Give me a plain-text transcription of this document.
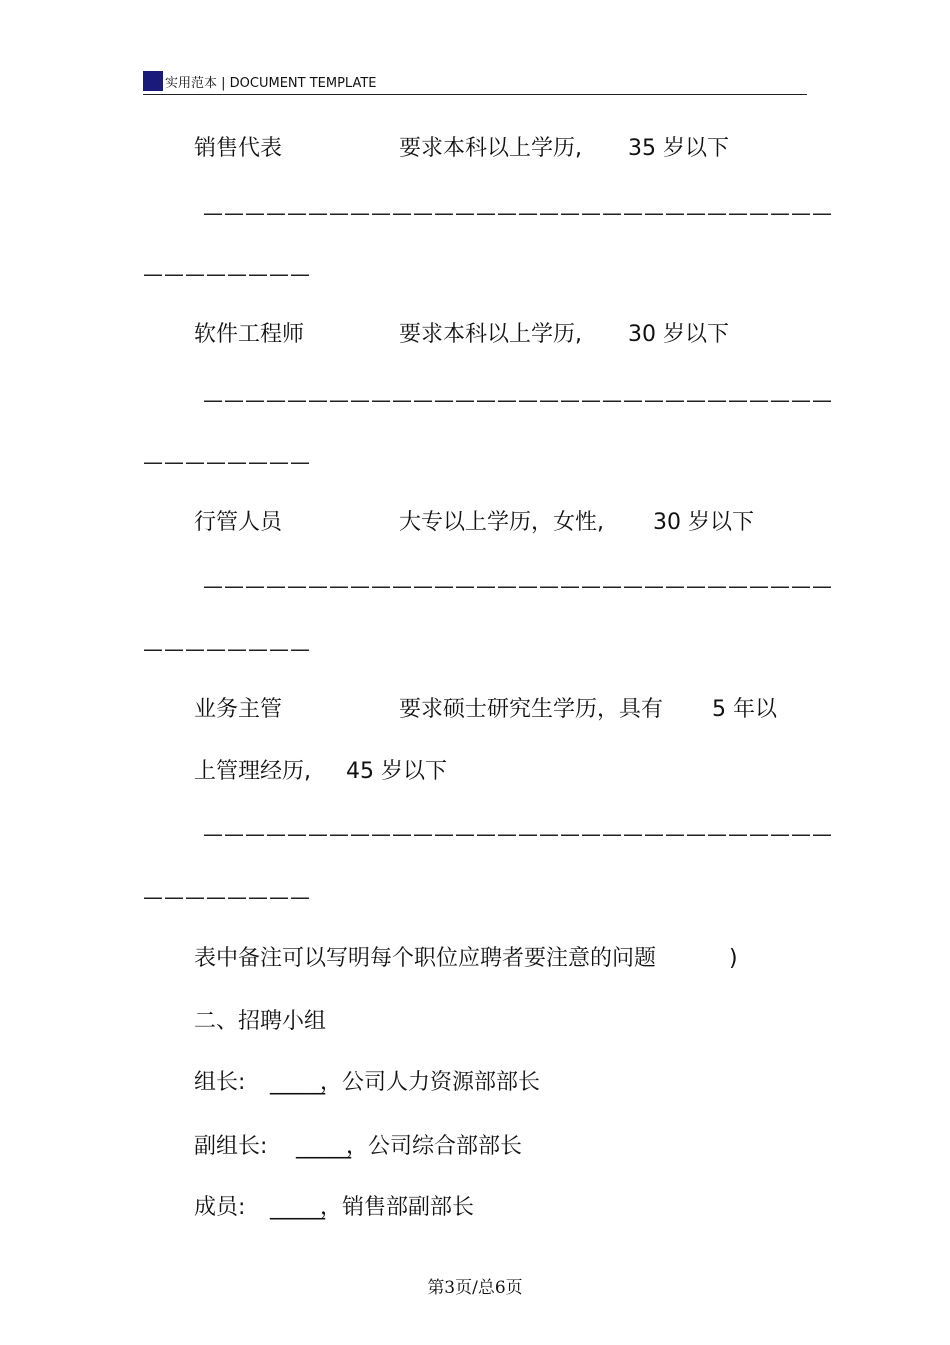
实用范本 | DOCUMENT TEMPLATE
销售代表	要求本科以上学历, 35 岁以下
——————————————————————————————
————————
软件工程师	要求本科以上学历, 30 岁以下
——————————————————————————————
————————
行管人员	大专以上学历，女性, 30 岁以下
——————————————————————————————
————————
业务主管	要求硕士研究生学历，具有 5 年以
上管理经历, 45 岁以下
——————————————————————————————
————————
表中备注可以写明每个职位应聘者要注意的问题	)
二、招聘小组
组长: _____
，公司人力资源部部长
副组长: _____
，公司综合部部长
成员: _____
，销售部副部长
第3页/总6页
